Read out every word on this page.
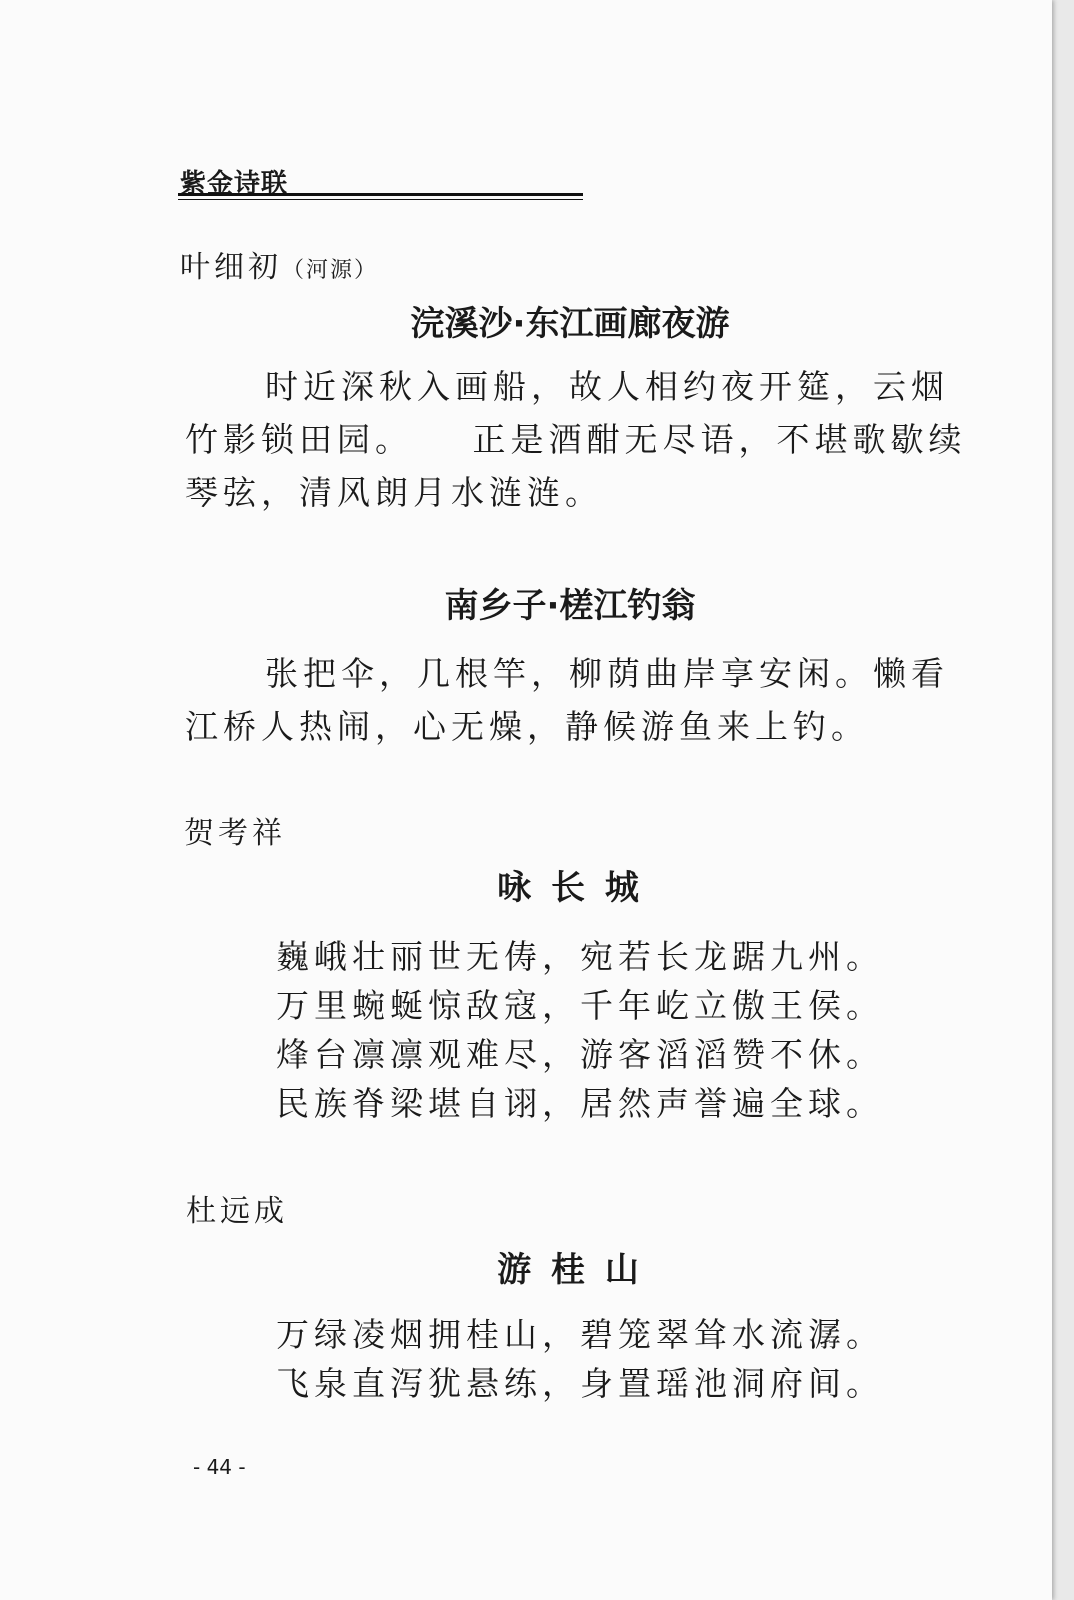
紫金诗联
叶细初（河源）
浣溪沙·东江画廊夜游

时近深秋入画船，故人相约夜开筵，云烟竹影锁田园。　　正是酒酣无尽语，不堪歌歇续琴弦，清风朗月水涟涟。

南乡子·槎江钓翁

张把伞，几根竿，柳荫曲岸享安闲。懒看江桥人热闹，心无燥，静候游鱼来上钓。

贺考祥
咏 长 城
巍峨壮丽世无俦，宛若长龙踞九州。
万里蜿蜒惊敌寇，千年屹立傲王侯。
烽台凛凛观难尽，游客滔滔赞不休。
民族脊梁堪自诩，居然声誉遍全球。
杜远成
游 桂 山
万绿凌烟拥桂山，碧笼翠耸水流潺。
飞泉直泻犹悬练，身置瑶池洞府间。
- 44 -
